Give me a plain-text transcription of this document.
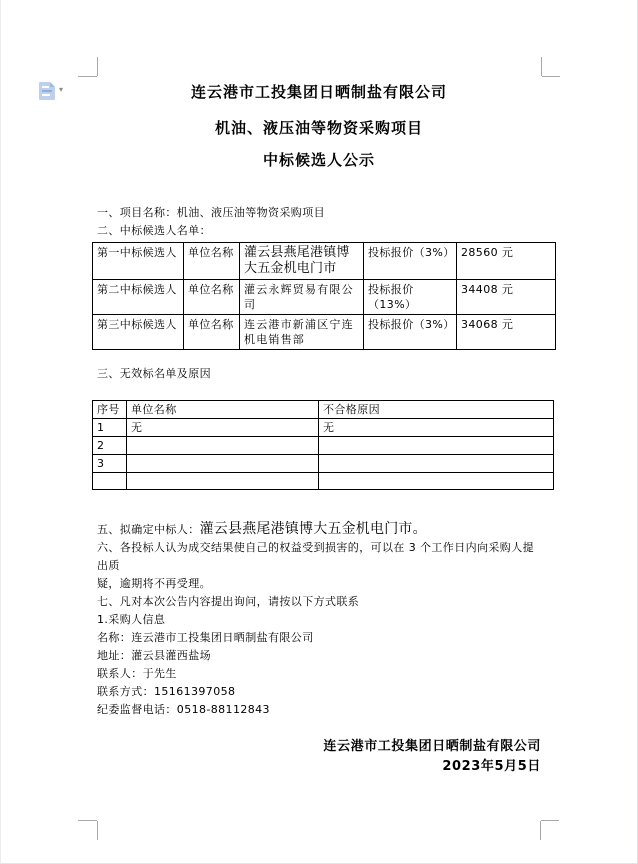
▾	连云港市工投集团日晒制盐有限公司

机油、液压油等物资采购项目

中标候选人公示

一、项目名称：机油、液压油等物资采购项目

二、中标候选人名单：

第一中标候选人	单位名称	灌云县燕尾港镇博大五金机电门市	投标报价（3%）	28560 元
第二中标候选人	单位名称	灌云永辉贸易有限公司	投标报价（13%）	34408 元
第三中标候选人	单位名称	连云港市新浦区宁连机电销售部	投标报价（3%）	34068 元

三、无效标名单及原因

序号	单位名称	不合格原因
1	无	无
2		
3		

五、拟确定中标人：灌云县燕尾港镇博大五金机电门市。

六、各投标人认为成交结果使自己的权益受到损害的，可以在 3 个工作日内向采购人提出质

疑，逾期将不再受理。

七、凡对本次公告内容提出询问，请按以下方式联系

1.采购人信息

名称：连云港市工投集团日晒制盐有限公司

地址：灌云县灌西盐场

联系人：于先生

联系方式：15161397058

纪委监督电话：0518-88112843

连云港市工投集团日晒制盐有限公司
2023年5月5日
